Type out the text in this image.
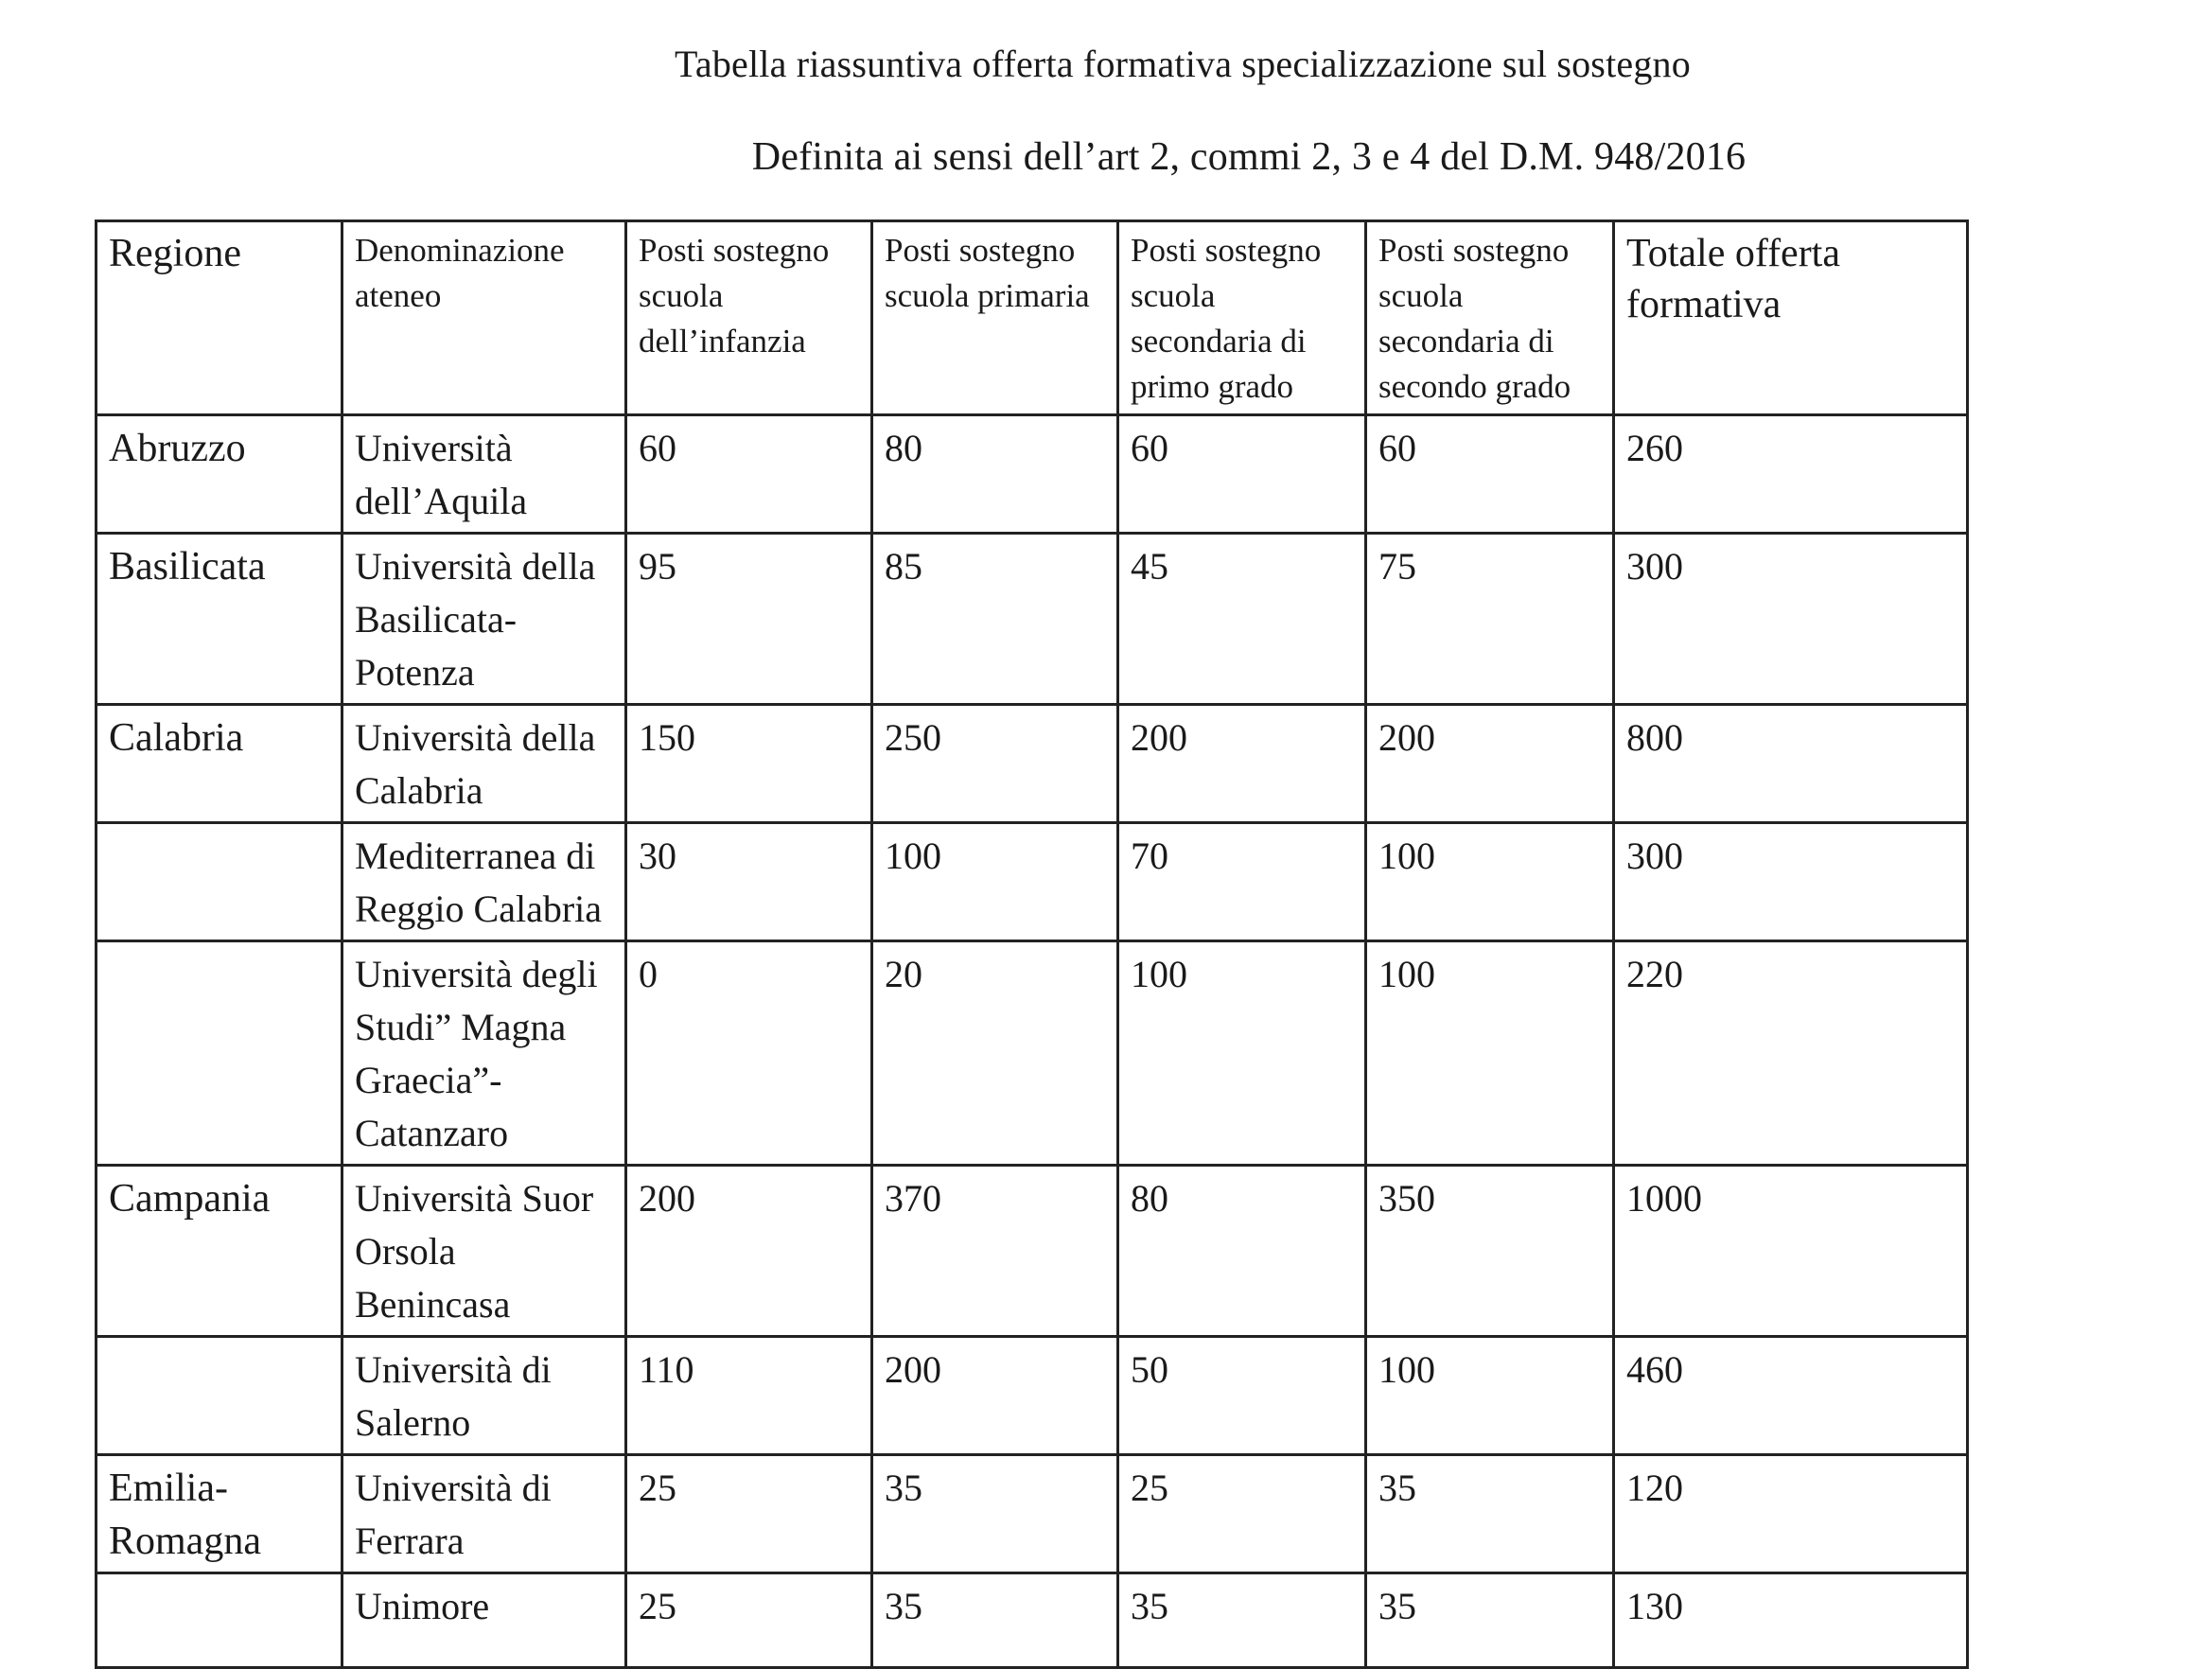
Tabella riassuntiva offerta formativa specializzazione sul sostegno
Definita ai sensi dell’art 2, commi 2, 3 e 4 del D.M. 948/2016
Regione	Denominazione ateneo	Posti sostegno scuola dell’infanzia	Posti sostegno scuola primaria	Posti sostegno scuola secondaria di primo grado	Posti sostegno scuola secondaria di secondo grado	Totale offerta formativa
Abruzzo	Università dell’Aquila	60	80	60	60	260
Basilicata	Università della Basilicata-Potenza	95	85	45	75	300
Calabria	Università della Calabria	150	250	200	200	800
	Mediterranea di Reggio Calabria	30	100	70	100	300
	Università degli Studi” Magna Graecia”-Catanzaro	0	20	100	100	220
Campania	Università Suor Orsola Benincasa	200	370	80	350	1000
	Università di Salerno	110	200	50	100	460
Emilia-Romagna	Università di Ferrara	25	35	25	35	120
	Unimore	25	35	35	35	130
